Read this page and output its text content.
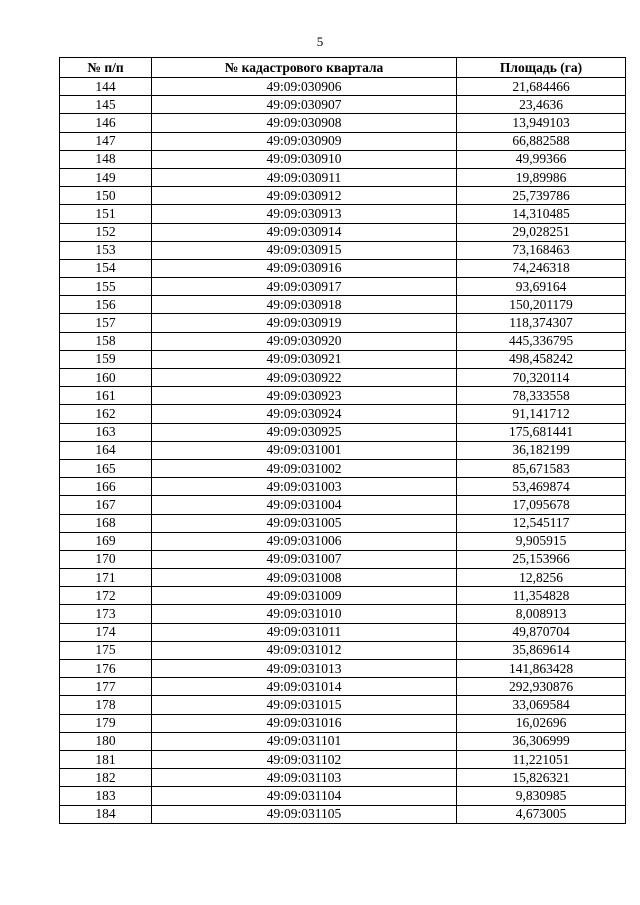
5
№ п/п	№ кадастрового квартала	Площадь (га)
144	49:09:030906	21,684466
145	49:09:030907	23,4636
146	49:09:030908	13,949103
147	49:09:030909	66,882588
148	49:09:030910	49,99366
149	49:09:030911	19,89986
150	49:09:030912	25,739786
151	49:09:030913	14,310485
152	49:09:030914	29,028251
153	49:09:030915	73,168463
154	49:09:030916	74,246318
155	49:09:030917	93,69164
156	49:09:030918	150,201179
157	49:09:030919	118,374307
158	49:09:030920	445,336795
159	49:09:030921	498,458242
160	49:09:030922	70,320114
161	49:09:030923	78,333558
162	49:09:030924	91,141712
163	49:09:030925	175,681441
164	49:09:031001	36,182199
165	49:09:031002	85,671583
166	49:09:031003	53,469874
167	49:09:031004	17,095678
168	49:09:031005	12,545117
169	49:09:031006	9,905915
170	49:09:031007	25,153966
171	49:09:031008	12,8256
172	49:09:031009	11,354828
173	49:09:031010	8,008913
174	49:09:031011	49,870704
175	49:09:031012	35,869614
176	49:09:031013	141,863428
177	49:09:031014	292,930876
178	49:09:031015	33,069584
179	49:09:031016	16,02696
180	49:09:031101	36,306999
181	49:09:031102	11,221051
182	49:09:031103	15,826321
183	49:09:031104	9,830985
184	49:09:031105	4,673005
